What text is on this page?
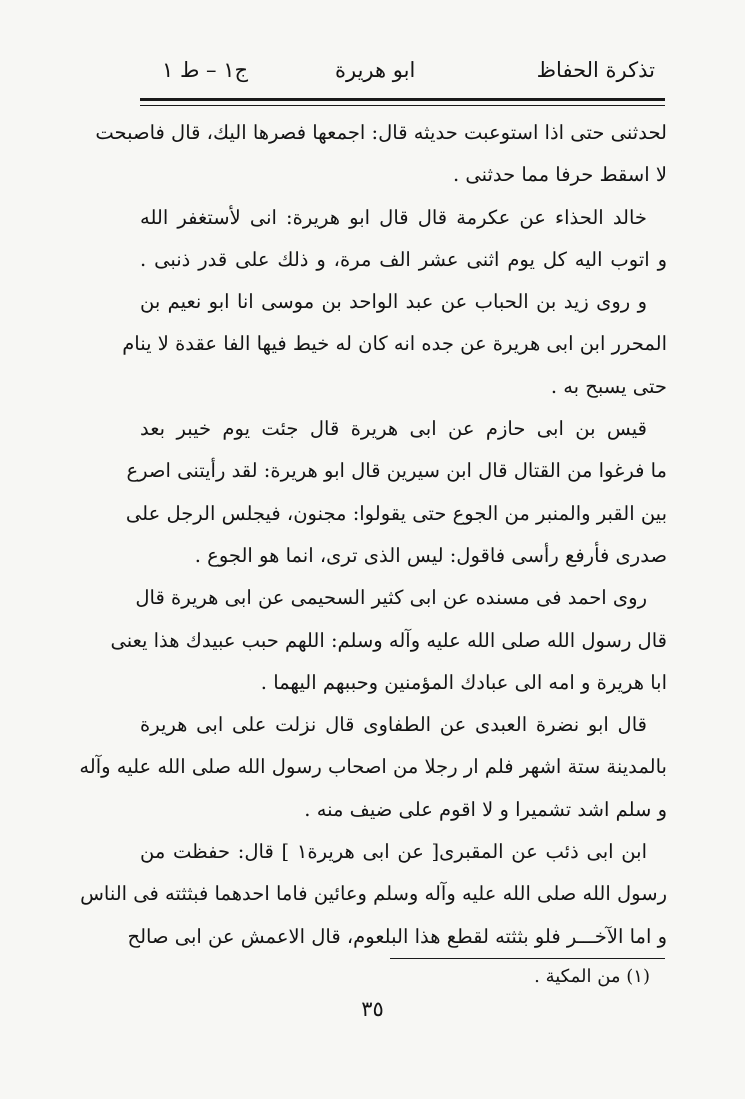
تذكرة الحفاظ
ابو هريرة
ج١ – ط ١
لحدثنى حتى اذا استوعبت حديثه قال: اجمعها فصرها اليك، قال فاصبحت
لا اسقط حرفا مما حدثنى .
خالد الحذاء عن عكرمة قال قال ابو هريرة: انى لأستغفر الله
و اتوب اليه كل يوم اثنى عشر الف مرة، و ذلك على قدر ذنبى .
و روى زيد بن الحباب عن عبد الواحد بن موسى انا ابو نعيم بن
المحرر ابن ابى هريرة عن جده انه كان له خيط فيها الفا عقدة لا ينام
حتى يسبح به .
قيس بن ابى حازم عن ابى هريرة قال جئت يوم خيبر بعد
ما فرغوا من القتال قال ابن سيرين قال ابو هريرة: لقد رأيتنى اصرع
بين القبر والمنبر من الجوع حتى يقولوا: مجنون، فيجلس الرجل على
صدرى فأرفع رأسى فاقول: ليس الذى ترى، انما هو الجوع .
روى احمد فى مسنده عن ابى كثير السحيمى عن ابى هريرة قال
قال رسول الله صلى الله عليه وآله وسلم: اللهم حبب عبيدك هذا يعنى
ابا هريرة و امه الى عبادك المؤمنين وحببهم اليهما .
قال ابو نضرة العبدى عن الطفاوى قال نزلت على ابى هريرة
بالمدينة ستة اشهر فلم ار رجلا من اصحاب رسول الله صلى الله عليه وآله
و سلم اشد تشميرا و لا اقوم على ضيف منه .
ابن ابى ذئب عن المقبرى[ عن ابى هريرة١ ] قال: حفظت من
رسول الله صلى الله عليه وآله وسلم وعائين فاما احدهما فبثثته فى الناس
و اما الآخـــر فلو بثثته لقطع هذا البلعوم، قال الاعمش عن ابى صالح
(١) من المكية .
٣٥
